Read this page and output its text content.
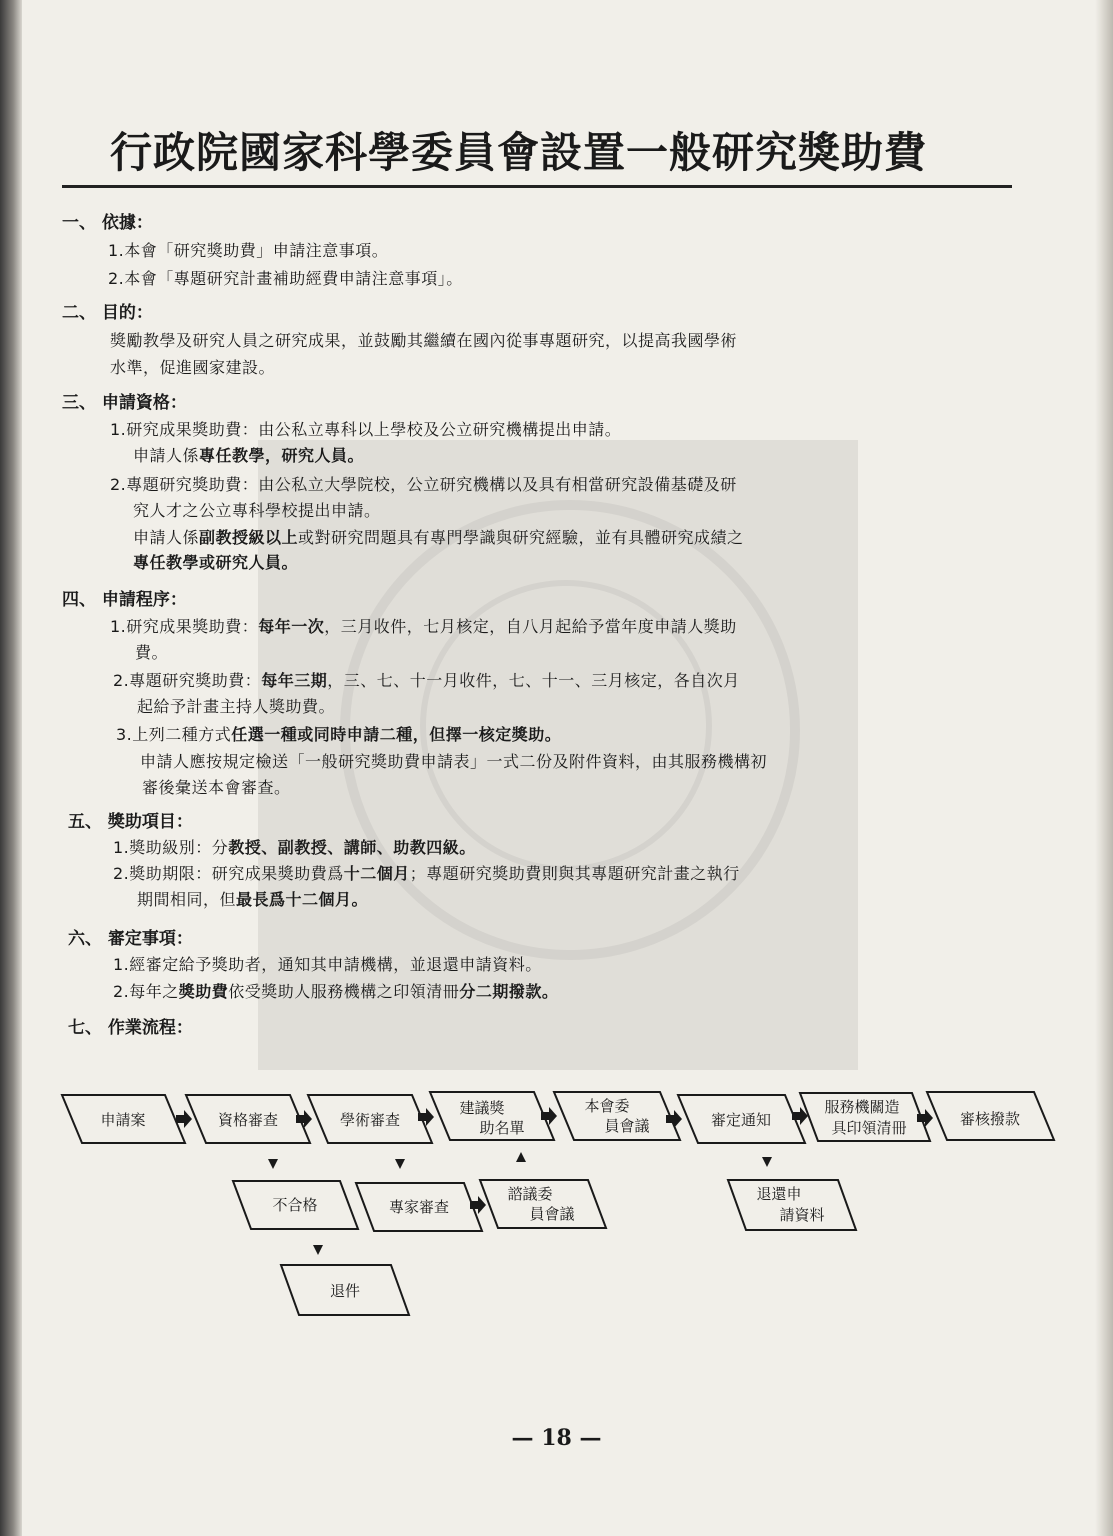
行政院國家科學委員會設置一般研究獎助費
一、 依據：
1.本會「研究獎助費」申請注意事項。
2.本會「專題研究計畫補助經費申請注意事項」。
二、 目的：
獎勵教學及研究人員之研究成果，並鼓勵其繼續在國內從事專題研究，以提高我國學術
水準，促進國家建設。
三、 申請資格：
1.研究成果獎助費：由公私立專科以上學校及公立研究機構提出申請。
申請人係專任教學，研究人員。
2.專題研究獎助費：由公私立大學院校，公立研究機構以及具有相當研究設備基礎及研
究人才之公立專科學校提出申請。
申請人係副教授級以上或對研究問題具有專門學識與研究經驗，並有具體研究成績之
專任教學或研究人員。
四、 申請程序：
1.研究成果獎助費：每年一次，三月收件，七月核定，自八月起給予當年度申請人獎助
費。
2.專題研究獎助費：每年三期，三、七、十一月收件，七、十一、三月核定，各自次月
起給予計畫主持人獎助費。
3.上列二種方式任選一種或同時申請二種，但擇一核定獎助。
申請人應按規定檢送「一般研究獎助費申請表」一式二份及附件資料，由其服務機構初
審後彙送本會審查。
五、 獎助項目：
1.獎助級別：分教授、副教授、講師、助教四級。
2.獎助期限：研究成果獎助費爲十二個月；專題研究獎助費則與其專題研究計畫之執行
期間相同，但最長爲十二個月。
六、 審定事項：
1.經審定給予獎助者，通知其申請機構，並退還申請資料。
2.每年之獎助費依受獎助人服務機構之印領清冊分二期撥款。
七、 作業流程：
申請案	資格審查	學術審查
建議獎
助名單
本會委
員會議	審定通知
服務機關造
具印領清冊	審核撥款
不合格	專家審查
諮議委
員會議
退還申
請資料
退件
— 18 —
